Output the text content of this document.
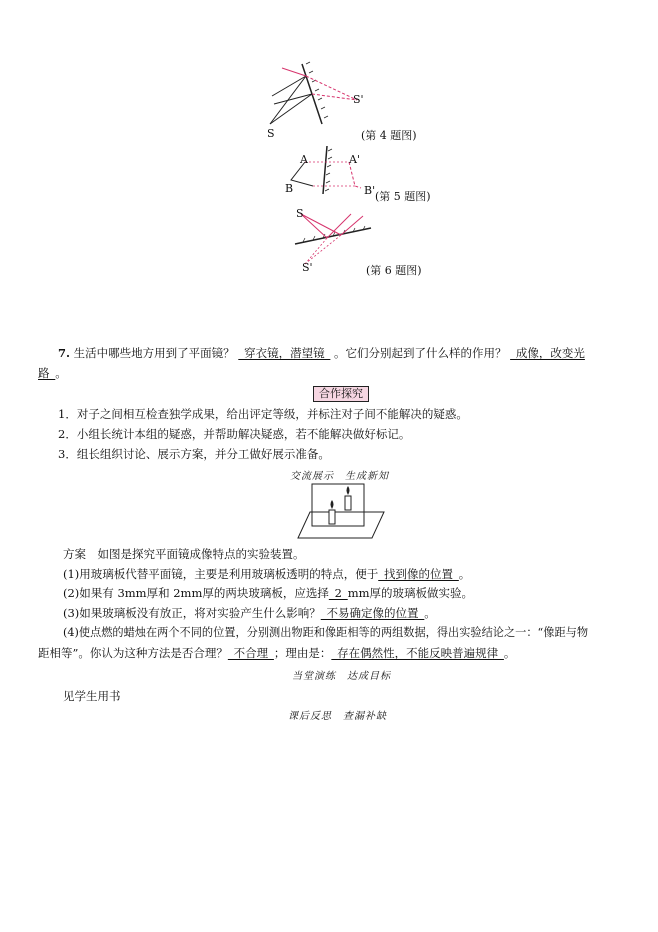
S
S'
(第 4 题图)
A
B
A'
B' (第 5 题图)
S
S'	(第 6 题图)
7. 生活中哪些地方用到了平面镜？ _穿衣镜，潜望镜_ 。它们分别起到了什么样的作用？ _成像，改变光
路_。
合作探究
1．对子之间相互检查独学成果，给出评定等级，并标注对子间不能解决的疑惑。
2．小组长统计本组的疑惑，并帮助解决疑惑，若不能解决做好标记。
3．组长组织讨论、展示方案，并分工做好展示准备。
交流展示　生成新知
方案　如图是探究平面镜成像特点的实验装置。
(1)用玻璃板代替平面镜，主要是利用玻璃板透明的特点，便于_找到像的位置_。
(2)如果有 3mm厚和 2mm厚的两块玻璃板，应选择_2_mm厚的玻璃板做实验。
(3)如果玻璃板没有放正，将对实验产生什么影响？_不易确定像的位置_。
(4)使点燃的蜡烛在两个不同的位置，分别测出物距和像距相等的两组数据，得出实验结论之一：“像距与物
距相等”。你认为这种方法是否合理？_不合理_；理由是：_存在偶然性，不能反映普遍规律_。
当堂演练　达成目标
见学生用书
课后反思　查漏补缺
